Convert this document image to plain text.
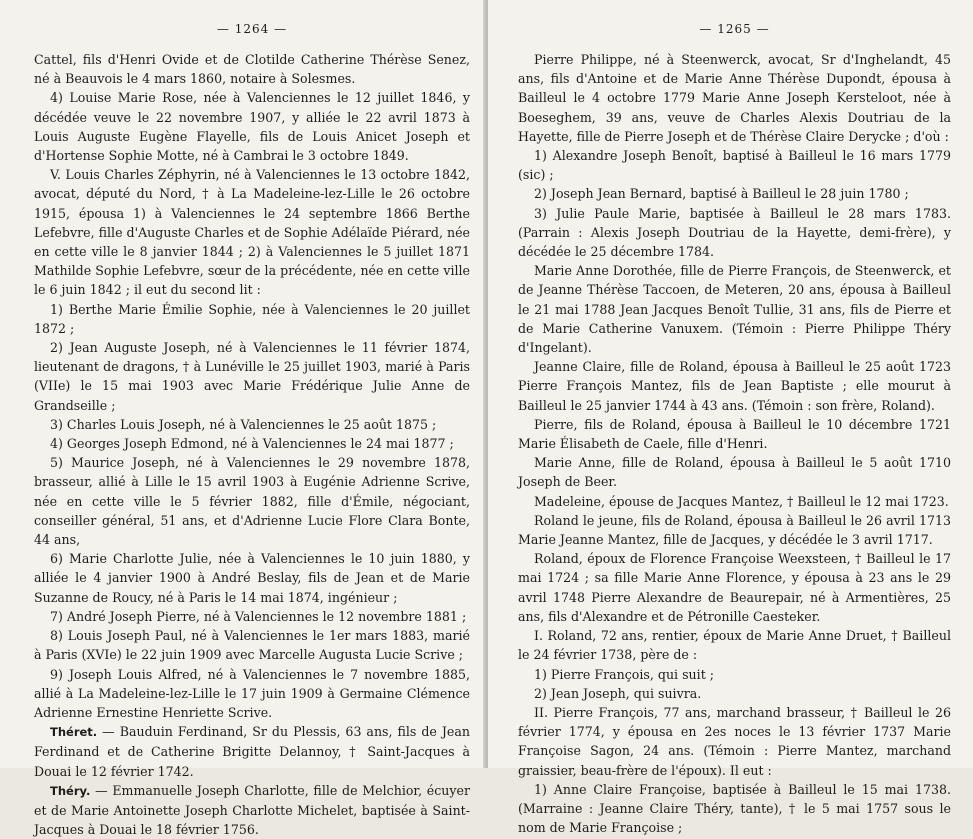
— 1264 —

Cattel, fils d'Henri Ovide et de Clotilde Catherine Thérèse Senez, né à Beauvois le 4 mars 1860, notaire à Solesmes.

4) Louise Marie Rose, née à Valenciennes le 12 juillet 1846, y décédée veuve le 22 novembre 1907, y alliée le 22 avril 1873 à Louis Auguste Eugène Flayelle, fils de Louis Anicet Joseph et d'Hortense Sophie Motte, né à Cambrai le 3 octobre 1849.

V. Louis Charles Zéphyrin, né à Valenciennes le 13 octobre 1842, avocat, député du Nord, † à La Madeleine-lez-Lille le 26 octobre 1915, épousa 1) à Valenciennes le 24 septembre 1866 Berthe Lefebvre, fille d'Auguste Charles et de Sophie Adélaïde Piérard, née en cette ville le 8 janvier 1844 ; 2) à Valenciennes le 5 juillet 1871 Mathilde Sophie Lefebvre, sœur de la précédente, née en cette ville le 6 juin 1842 ; il eut du second lit :

1) Berthe Marie Émilie Sophie, née à Valenciennes le 20 juillet 1872 ;

2) Jean Auguste Joseph, né à Valenciennes le 11 février 1874, lieutenant de dragons, † à Lunéville le 25 juillet 1903, marié à Paris (VIIe) le 15 mai 1903 avec Marie Frédérique Julie Anne de Grandseille ;

3) Charles Louis Joseph, né à Valenciennes le 25 août 1875 ;

4) Georges Joseph Edmond, né à Valenciennes le 24 mai 1877 ;

5) Maurice Joseph, né à Valenciennes le 29 novembre 1878, brasseur, allié à Lille le 15 avril 1903 à Eugénie Adrienne Scrive, née en cette ville le 5 février 1882, fille d'Émile, négociant, conseiller général, 51 ans, et d'Adrienne Lucie Flore Clara Bonte, 44 ans,

6) Marie Charlotte Julie, née à Valenciennes le 10 juin 1880, y alliée le 4 janvier 1900 à André Beslay, fils de Jean et de Marie Suzanne de Roucy, né à Paris le 14 mai 1874, ingénieur ;

7) André Joseph Pierre, né à Valenciennes le 12 novembre 1881 ;

8) Louis Joseph Paul, né à Valenciennes le 1er mars 1883, marié à Paris (XVIe) le 22 juin 1909 avec Marcelle Augusta Lucie Scrive ;

9) Joseph Louis Alfred, né à Valenciennes le 7 novembre 1885, allié à La Madeleine-lez-Lille le 17 juin 1909 à Germaine Clémence Adrienne Ernestine Henriette Scrive.

Théret. — Bauduin Ferdinand, Sr du Plessis, 63 ans, fils de Jean Ferdinand et de Catherine Brigitte Delannoy, † Saint-Jacques à Douai le 12 février 1742.

Théry. — Emmanuelle Joseph Charlotte, fille de Melchior, écuyer et de Marie Antoinette Joseph Charlotte Michelet, baptisée à Saint-Jacques à Douai le 18 février 1756.

— 1265 —

Pierre Philippe, né à Steenwerck, avocat, Sr d'Inghelandt, 45 ans, fils d'Antoine et de Marie Anne Thérèse Dupondt, épousa à Bailleul le 4 octobre 1779 Marie Anne Joseph Kersteloot, née à Boeseghem, 39 ans, veuve de Charles Alexis Doutriau de la Hayette, fille de Pierre Joseph et de Thérèse Claire Derycke ; d'où :

1) Alexandre Joseph Benoît, baptisé à Bailleul le 16 mars 1779 (sic) ;

2) Joseph Jean Bernard, baptisé à Bailleul le 28 juin 1780 ;

3) Julie Paule Marie, baptisée à Bailleul le 28 mars 1783. (Parrain : Alexis Joseph Doutriau de la Hayette, demi-frère), y décédée le 25 décembre 1784.

Marie Anne Dorothée, fille de Pierre François, de Steenwerck, et de Jeanne Thérèse Taccoen, de Meteren, 20 ans, épousa à Bailleul le 21 mai 1788 Jean Jacques Benoît Tullie, 31 ans, fils de Pierre et de Marie Catherine Vanuxem. (Témoin : Pierre Philippe Théry d'Ingelant).

Jeanne Claire, fille de Roland, épousa à Bailleul le 25 août 1723 Pierre François Mantez, fils de Jean Baptiste ; elle mourut à Bailleul le 25 janvier 1744 à 43 ans. (Témoin : son frère, Roland).

Pierre, fils de Roland, épousa à Bailleul le 10 décembre 1721 Marie Élisabeth de Caele, fille d'Henri.

Marie Anne, fille de Roland, épousa à Bailleul le 5 août 1710 Joseph de Beer.

Madeleine, épouse de Jacques Mantez, † Bailleul le 12 mai 1723.

Roland le jeune, fils de Roland, épousa à Bailleul le 26 avril 1713 Marie Jeanne Mantez, fille de Jacques, y décédée le 3 avril 1717.

Roland, époux de Florence Françoise Weexsteen, † Bailleul le 17 mai 1724 ; sa fille Marie Anne Florence, y épousa à 23 ans le 29 avril 1748 Pierre Alexandre de Beaurepair, né à Armentières, 25 ans, fils d'Alexandre et de Pétronille Caesteker.

I. Roland, 72 ans, rentier, époux de Marie Anne Druet, † Bailleul le 24 février 1738, père de :

1) Pierre François, qui suit ;

2) Jean Joseph, qui suivra.

II. Pierre François, 77 ans, marchand brasseur, † Bailleul le 26 février 1774, y épousa en 2es noces le 13 février 1737 Marie Françoise Sagon, 24 ans. (Témoin : Pierre Mantez, marchand graissier, beau-frère de l'époux). Il eut :

1) Anne Claire Françoise, baptisée à Bailleul le 15 mai 1738. (Marraine : Jeanne Claire Théry, tante), † le 5 mai 1757 sous le nom de Marie Françoise ;
